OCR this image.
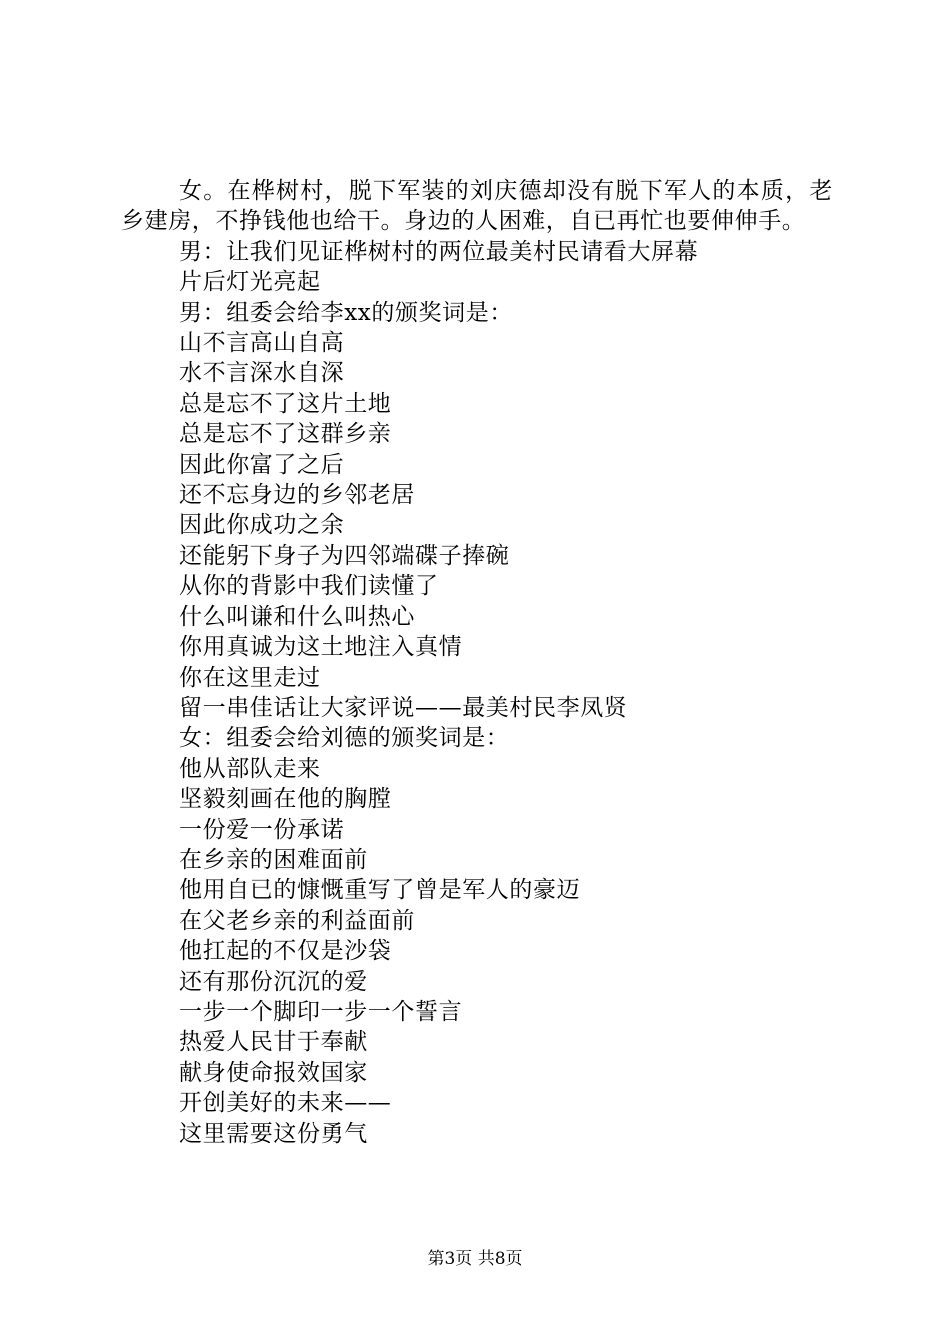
女。在桦树村，脱下军装的刘庆德却没有脱下军人的本质，老乡建房，不挣钱他也给干。身边的人困难，自已再忙也要伸伸手。

男：让我们见证桦树村的两位最美村民请看大屏幕

片后灯光亮起

男：组委会给李xx的颁奖词是：

山不言高山自高

水不言深水自深

总是忘不了这片土地

总是忘不了这群乡亲

因此你富了之后

还不忘身边的乡邻老居

因此你成功之余

还能躬下身子为四邻端碟子捧碗

从你的背影中我们读懂了

什么叫谦和什么叫热心

你用真诚为这土地注入真情

你在这里走过

留一串佳话让大家评说——最美村民李凤贤

女：组委会给刘德的颁奖词是：

他从部队走来

坚毅刻画在他的胸膛

一份爱一份承诺

在乡亲的困难面前

他用自已的慷慨重写了曾是军人的豪迈

在父老乡亲的利益面前

他扛起的不仅是沙袋

还有那份沉沉的爱

一步一个脚印一步一个誓言

热爱人民甘于奉献

献身使命报效国家

开创美好的未来——

这里需要这份勇气

第3页 共8页
